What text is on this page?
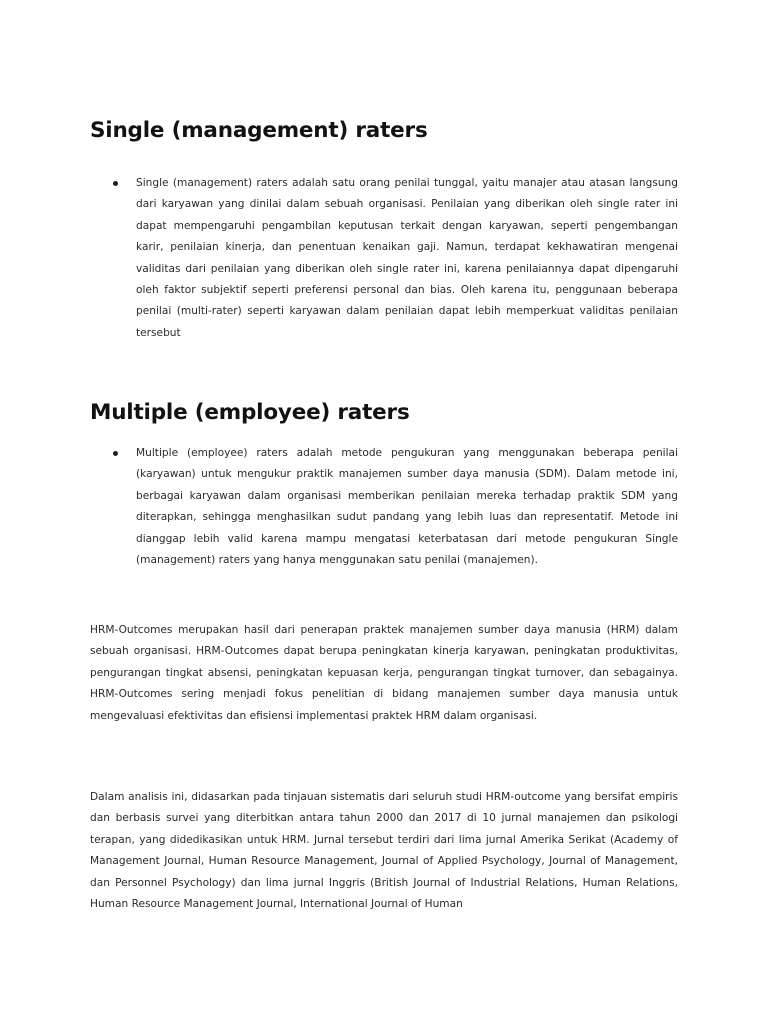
Single (management) raters

Single (management) raters adalah satu orang penilai tunggal, yaitu manajer atau atasan langsung dari karyawan yang dinilai dalam sebuah organisasi. Penilaian yang diberikan oleh single rater ini dapat mempengaruhi pengambilan keputusan terkait dengan karyawan, seperti pengembangan karir, penilaian kinerja, dan penentuan kenaikan gaji. Namun, terdapat kekhawatiran mengenai validitas dari penilaian yang diberikan oleh single rater ini, karena penilaiannya dapat dipengaruhi oleh faktor subjektif seperti preferensi personal dan bias. Oleh karena itu, penggunaan beberapa penilai (multi-rater) seperti karyawan dalam penilaian dapat lebih memperkuat validitas penilaian tersebut

Multiple (employee) raters

Multiple (employee) raters adalah metode pengukuran yang menggunakan beberapa penilai (karyawan) untuk mengukur praktik manajemen sumber daya manusia (SDM). Dalam metode ini, berbagai karyawan dalam organisasi memberikan penilaian mereka terhadap praktik SDM yang diterapkan, sehingga menghasilkan sudut pandang yang lebih luas dan representatif. Metode ini dianggap lebih valid karena mampu mengatasi keterbatasan dari metode pengukuran Single (management) raters yang hanya menggunakan satu penilai (manajemen).

HRM-Outcomes merupakan hasil dari penerapan praktek manajemen sumber daya manusia (HRM) dalam sebuah organisasi. HRM-Outcomes dapat berupa peningkatan kinerja karyawan, peningkatan produktivitas, pengurangan tingkat absensi, peningkatan kepuasan kerja, pengurangan tingkat turnover, dan sebagainya. HRM-Outcomes sering menjadi fokus penelitian di bidang manajemen sumber daya manusia untuk mengevaluasi efektivitas dan efisiensi implementasi praktek HRM dalam organisasi.

Dalam analisis ini, didasarkan pada tinjauan sistematis dari seluruh studi HRM-outcome yang bersifat empiris dan berbasis survei yang diterbitkan antara tahun 2000 dan 2017 di 10 jurnal manajemen dan psikologi terapan, yang didedikasikan untuk HRM. Jurnal tersebut terdiri dari lima jurnal Amerika Serikat (Academy of Management Journal, Human Resource Management, Journal of Applied Psychology, Journal of Management, dan Personnel Psychology) dan lima jurnal Inggris (British Journal of Industrial Relations, Human Relations, Human Resource Management Journal, International Journal of Human
